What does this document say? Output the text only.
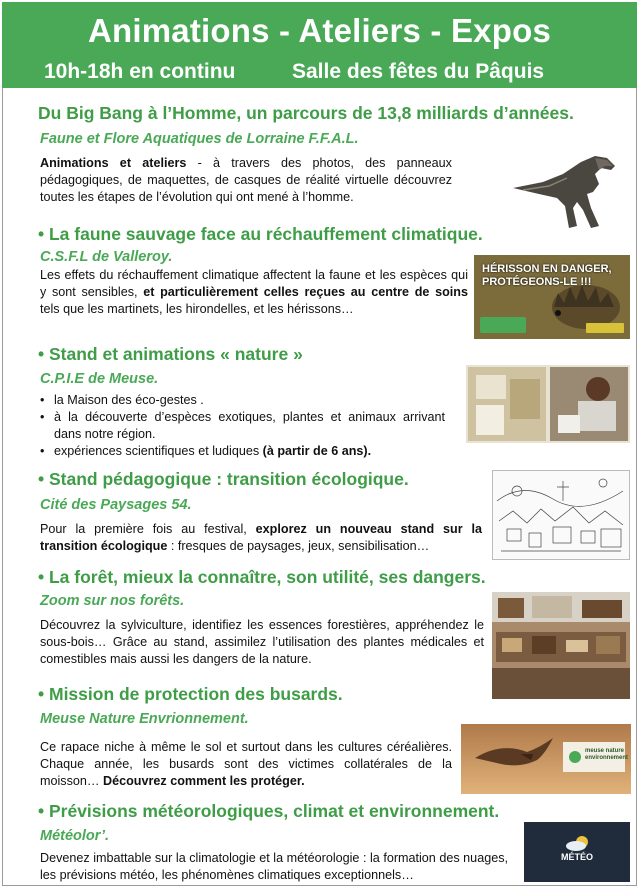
Animations - Ateliers - Expos
10h-18h en continu	Salle des fêtes du Pâquis
Du Big Bang à l’Homme, un parcours de 13,8 milliards d’années.
Faune et Flore Aquatiques de Lorraine F.F.A.L.
Animations et ateliers - à travers des photos, des panneaux pédagogiques, de maquettes, de casques de réalité virtuelle découvrez toutes les étapes de l’évolution qui ont mené à l’homme.
• La faune sauvage face au réchauffement climatique.
C.S.F.L de Valleroy.
Les effets du réchauffement climatique affectent la faune et les espèces qui y sont sensibles, et particulièrement celles reçues au centre de soins tels que les martinets, les hirondelles, et les hérissons…
HÉRISSON EN DANGER, PROTÉGEONS-LE !!!
• Stand et animations « nature »
C.P.I.E de Meuse.
• la Maison des éco-gestes .
• à la découverte d’espèces exotiques, plantes et animaux arrivant dans notre région.
• expériences scientifiques et ludiques (à partir de 6 ans).
• Stand pédagogique : transition écologique.
Cité des Paysages 54.
Pour la première fois au festival, explorez un nouveau stand sur la transition écologique : fresques de paysages, jeux, sensibilisation…
• La forêt, mieux la connaître, son utilité, ses dangers.
Zoom sur nos forêts.
Découvrez la sylviculture, identifiez les essences forestières, appréhendez le sous-bois… Grâce au stand, assimilez l’utilisation des plantes médicales et comestibles mais aussi les dangers de la nature.
• Mission de protection des busards.
Meuse Nature Envrionnement.
Ce rapace niche à même le sol et surtout dans les cultures céréalières. Chaque année, les busards sont des victimes collatérales de la moisson… Découvrez comment les protéger.
meuse nature environnement
• Prévisions météorologiques, climat et environnement.
Météolor’.
Devenez imbattable sur la climatologie et la météorologie : la formation des nuages, les prévisions météo, les phénomènes climatiques exceptionnels…
MÉTÉO
